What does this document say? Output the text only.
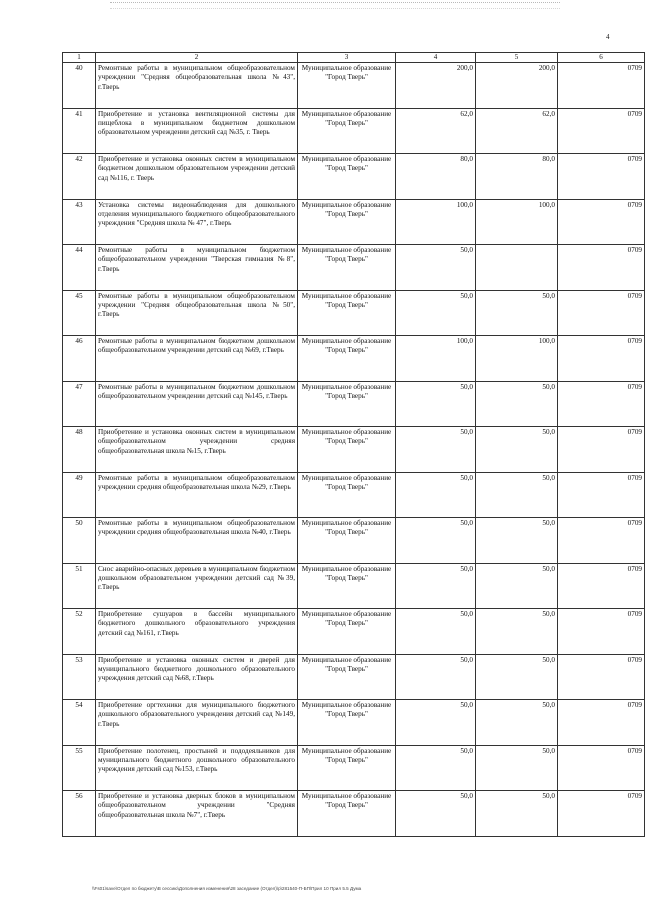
4
1	2	3	4	5	6
40	Ремонтные работы в муниципальном общеобразовательном учреждении "Средняя общеобразовательная школа №43", г.Тверь	Муниципальное образование "Город Тверь"	200,0	200,0	0709
41	Приобретение и установка вентиляционной системы для пищеблока в муниципальном бюджетном дошкольном образовательном учреждении детский сад №35, г. Тверь	Муниципальное образование "Город Тверь"	62,0	62,0	0709
42	Приобретение и установка оконных систем в муниципальном бюджетном дошкольном образовательном учреждении детский сад №116, г. Тверь	Муниципальное образование "Город Тверь"	80,0	80,0	0709
43	Установка системы видеонаблюдения для дошкольного отделения муниципального бюджетного общеобразовательного учреждения "Средняя школа № 47", г.Тверь	Муниципальное образование "Город Тверь"	100,0	100,0	0709
44	Ремонтные работы в муниципальном бюджетном общеобразовательном учреждении "Тверская гимназия №8", г.Тверь	Муниципальное образование "Город Тверь"	50,0		0709
45	Ремонтные работы в муниципальном общеобразовательном учреждении "Средняя общеобразовательная школа №50", г.Тверь	Муниципальное образование "Город Тверь"	50,0	50,0	0709
46	Ремонтные работы в муниципальном бюджетном дошкольном общеобразовательном учреждении детский сад №69, г.Тверь	Муниципальное образование "Город Тверь"	100,0	100,0	0709
47	Ремонтные работы в муниципальном бюджетном дошкольном общеобразовательном учреждении детский сад №145, г.Тверь	Муниципальное образование "Город Тверь"	50,0	50,0	0709
48	Приобретение и установка оконных систем в муниципальном общеобразовательном учреждении средняя общеобразовательная школа №15, г.Тверь	Муниципальное образование "Город Тверь"	50,0	50,0	0709
49	Ремонтные работы в муниципальном общеобразовательном учреждении средняя общеобразовательная школа №29, г.Тверь	Муниципальное образование "Город Тверь"	50,0	50,0	0709
50	Ремонтные работы в муниципальном общеобразовательном учреждении средняя общеобразовательная школа №40, г.Тверь	Муниципальное образование "Город Тверь"	50,0	50,0	0709
51	Снос аварийно-опасных деревьев в муниципальном бюджетном дошкольном образовательном учреждении детский сад №39, г.Тверь	Муниципальное образование "Город Тверь"	50,0	50,0	0709
52	Приобретение сушуаров в бассейн муниципального бюджетного дошкольного образовательного учреждения детский сад №161, г.Тверь	Муниципальное образование "Город Тверь"	50,0	50,0	0709
53	Приобретение и установка оконных систем и дверей для муниципального бюджетного дошкольного образовательного учреждения детский сад №68, г.Тверь	Муниципальное образование "Город Тверь"	50,0	50,0	0709
54	Приобретение оргтехники для муниципального бюджетного дошкольного образовательного учреждения детский сад №149, г.Тверь	Муниципальное образование "Город Тверь"	50,0	50,0	0709
55	Приобретение полотенец, простыней и пододеяльников для муниципального бюджетного дошкольного образовательного учреждения детский сад №153, г.Тверь	Муниципальное образование "Город Тверь"	50,0	50,0	0709
56	Приобретение и установка дверных блоков в муниципальном общеобразовательном учреждении "Средняя общеобразовательная школа №7", г.Тверь	Муниципальное образование "Город Тверь"	50,0	50,0	0709
\\Fs01\save\Отдел по бюджету\В сессию\Дополнения изменения\28 заседание (Отдел)\р\281540-П-БП\Прил 10 Прил 5.5 Дума
